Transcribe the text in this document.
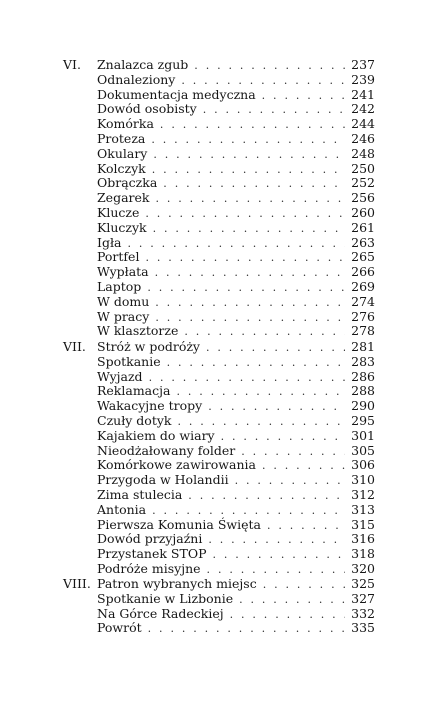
VI. Znalazca zgub . . .	237
Odnaleziony . . .	239
Dokumentacja medyczna . . .	241
Dowód osobisty . . .	242
Komórka . . .	244
Proteza . . .	246
Okulary . . .	248
Kolczyk . . .	250
Obrączka . . .	252
Zegarek . . .	256
Klucze . . .	260
Kluczyk . . .	261
Igła . . .	263
Portfel . . .	265
Wypłata . . .	266
Laptop . . .	269
W domu . . .	274
W pracy . . .	276
W klasztorze . . .	278
VII. Stróż w podróży . . .	281
Spotkanie . . .	283
Wyjazd . . .	286
Reklamacja . . .	288
Wakacyjne tropy . . .	290
Czuły dotyk . . .	295
Kajakiem do wiary . . .	301
Nieodżałowany folder . . .	305
Komórkowe zawirowania . . .	306
Przygoda w Holandii . . .	310
Zima stulecia . . .	312
Antonia . . .	313
Pierwsza Komunia Święta . . .	315
Dowód przyjaźni . . .	316
Przystanek STOP . . .	318
Podróże misyjne . . .	320
VIII. Patron wybranych miejsc . . .	325
Spotkanie w Lizbonie . . .	327
Na Górce Radeckiej . . .	332
Powrót . . .	335
